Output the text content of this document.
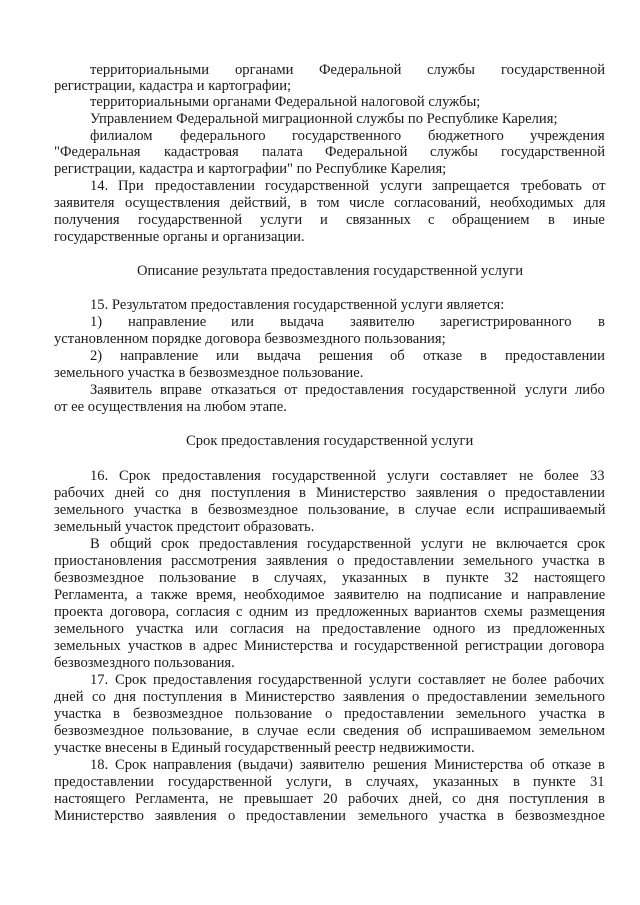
территориальными органами Федеральной службы государственной
регистрации, кадастра и картографии;
территориальными органами Федеральной налоговой службы;
Управлением Федеральной миграционной службы по Республике Карелия;
филиалом федерального государственного бюджетного учреждения
"Федеральная кадастровая палата Федеральной службы государственной
регистрации, кадастра и картографии" по Республике Карелия;
14. При предоставлении государственной услуги запрещается требовать от
заявителя осуществления действий, в том числе согласований, необходимых для
получения государственной услуги и связанных с обращением в иные
государственные органы и организации.
Описание результата предоставления государственной услуги
15. Результатом предоставления государственной услуги является:
1) направление или выдача заявителю зарегистрированного в
установленном порядке договора безвозмездного пользования;
2) направление или выдача решения об отказе в предоставлении
земельного участка в безвозмездное пользование.
Заявитель вправе отказаться от предоставления государственной услуги либо
от ее осуществления на любом этапе.
Срок предоставления государственной услуги
16. Срок предоставления государственной услуги составляет не более 33
рабочих дней со дня поступления в Министерство заявления о предоставлении
земельного участка в безвозмездное пользование, в случае если испрашиваемый
земельный участок предстоит образовать.
В общий срок предоставления государственной услуги не включается срок
приостановления рассмотрения заявления о предоставлении земельного участка в
безвозмездное пользование в случаях, указанных в пункте 32 настоящего
Регламента, а также время, необходимое заявителю на подписание и направление
проекта договора, согласия с одним из предложенных вариантов схемы размещения
земельного участка или согласия на предоставление одного из предложенных
земельных участков в адрес Министерства и государственной регистрации договора
безвозмездного пользования.
17. Срок предоставления государственной услуги составляет не более рабочих
дней со дня поступления в Министерство заявления о предоставлении земельного
участка в безвозмездное пользование о предоставлении земельного участка в
безвозмездное пользование, в случае если сведения об испрашиваемом земельном
участке внесены в Единый государственный реестр недвижимости.
18. Срок направления (выдачи) заявителю решения Министерства об отказе в
предоставлении государственной услуги, в случаях, указанных в пункте 31
настоящего Регламента, не превышает 20 рабочих дней, со дня поступления в
Министерство заявления о предоставлении земельного участка в безвозмездное
